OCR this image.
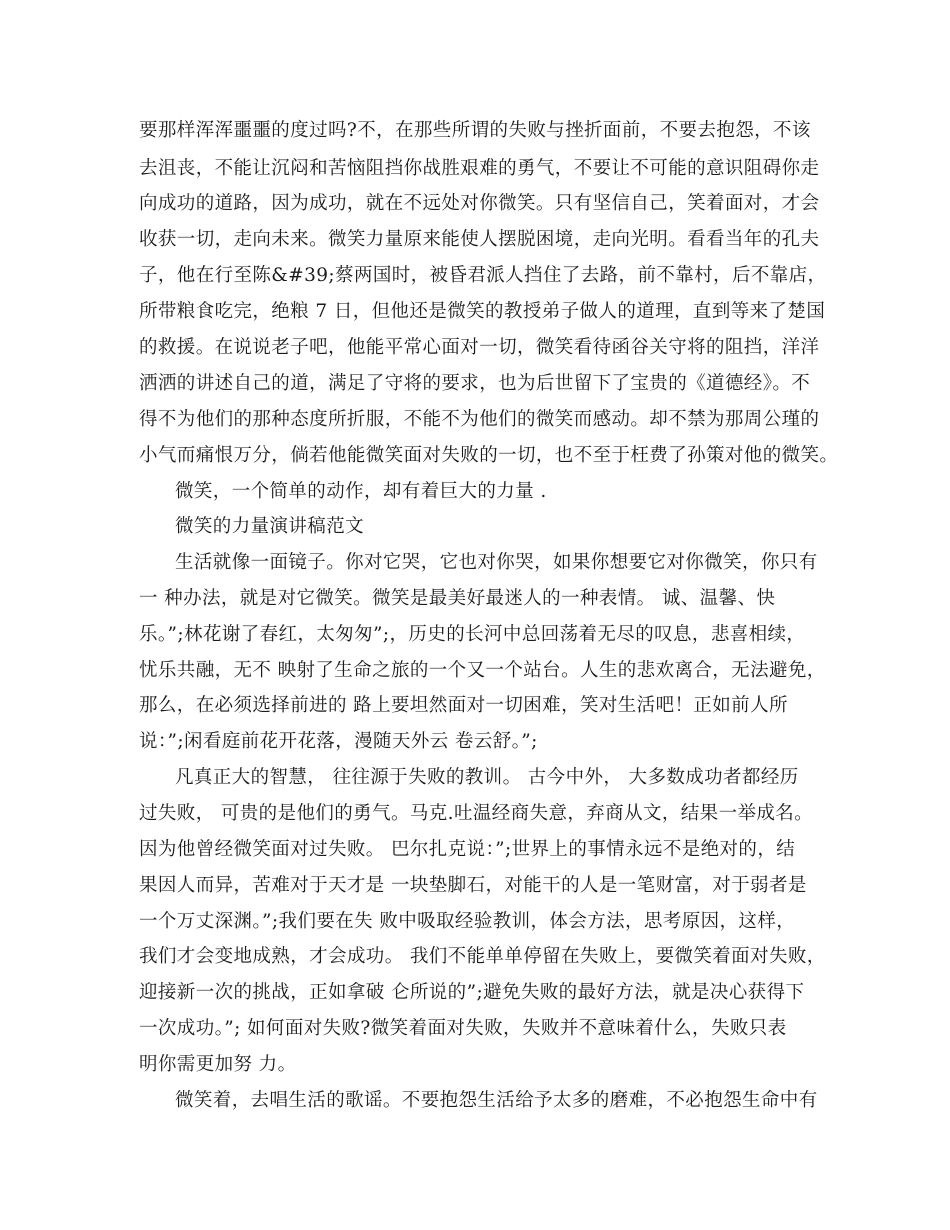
要那样浑浑噩噩的度过吗?不，在那些所谓的失败与挫折面前，不要去抱怨，不该

去沮丧，不能让沉闷和苦恼阻挡你战胜艰难的勇气，不要让不可能的意识阻碍你走

向成功的道路，因为成功，就在不远处对你微笑。只有坚信自己，笑着面对，才会

收获一切，走向未来。微笑力量原来能使人摆脱困境，走向光明。看看当年的孔夫

子，他在行至陈&#39;蔡两国时，被昏君派人挡住了去路，前不靠村，后不靠店，

所带粮食吃完，绝粮 7 日，但他还是微笑的教授弟子做人的道理，直到等来了楚国

的救援。在说说老子吧，他能平常心面对一切，微笑看待函谷关守将的阻挡，洋洋

洒洒的讲述自己的道，满足了守将的要求，也为后世留下了宝贵的《道德经》。不

得不为他们的那种态度所折服，不能不为他们的微笑而感动。却不禁为那周公瑾的

小气而痛恨万分，倘若他能微笑面对失败的一切，也不至于枉费了孙策对他的微笑。

微笑，一个简单的动作，却有着巨大的力量 .

微笑的力量演讲稿范文

生活就像一面镜子。你对它哭，它也对你哭，如果你想要它对你微笑，你只有

一 种办法，就是对它微笑。微笑是最美好最迷人的一种表情。 诚、温馨、快

乐。”;林花谢了春红，太匆匆”;，历史的长河中总回荡着无尽的叹息，悲喜相续，

忧乐共融，无不 映射了生命之旅的一个又一个站台。人生的悲欢离合，无法避免，

那么，在必须选择前进的 路上要坦然面对一切困难，笑对生活吧！正如前人所

说：”;闲看庭前花开花落，漫随天外云 卷云舒。”;

凡真正大的智慧， 往往源于失败的教训。 古今中外， 大多数成功者都经历

过失败， 可贵的是他们的勇气。马克.吐温经商失意，弃商从文，结果一举成名。

因为他曾经微笑面对过失败。 巴尔扎克说：”;世界上的事情永远不是绝对的，结

果因人而异，苦难对于天才是 一块垫脚石，对能干的人是一笔财富，对于弱者是

一个万丈深渊。”;我们要在失 败中吸取经验教训，体会方法，思考原因，这样，

我们才会变地成熟，才会成功。 我们不能单单停留在失败上，要微笑着面对失败，

迎接新一次的挑战，正如拿破 仑所说的”;避免失败的最好方法，就是决心获得下

一次成功。”; 如何面对失败?微笑着面对失败，失败并不意味着什么，失败只表

明你需更加努 力。

微笑着，去唱生活的歌谣。不要抱怨生活给予太多的磨难，不必抱怨生命中有
